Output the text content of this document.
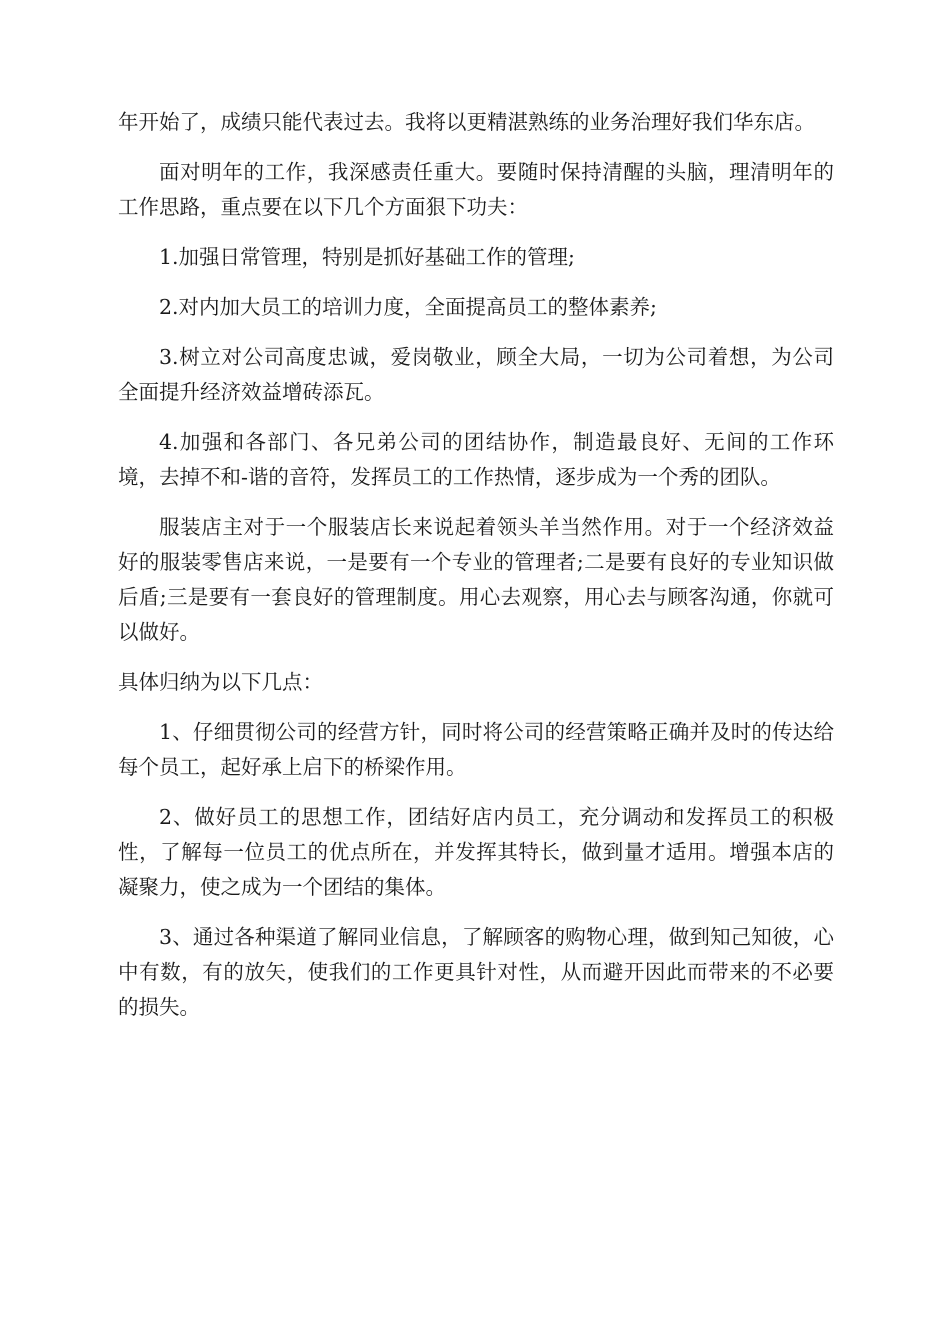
年开始了，成绩只能代表过去。我将以更精湛熟练的业务治理好我们华东店。

面对明年的工作，我深感责任重大。要随时保持清醒的头脑，理清明年的工作思路，重点要在以下几个方面狠下功夫：

1.加强日常管理，特别是抓好基础工作的管理;

2.对内加大员工的培训力度，全面提高员工的整体素养;

3.树立对公司高度忠诚，爱岗敬业，顾全大局，一切为公司着想，为公司全面提升经济效益增砖添瓦。

4.加强和各部门、各兄弟公司的团结协作，制造最良好、无间的工作环境，去掉不和-谐的音符，发挥员工的工作热情，逐步成为一个秀的团队。

服装店主对于一个服装店长来说起着领头羊当然作用。对于一个经济效益好的服装零售店来说，一是要有一个专业的管理者;二是要有良好的专业知识做后盾;三是要有一套良好的管理制度。用心去观察，用心去与顾客沟通，你就可以做好。

具体归纳为以下几点：

1、仔细贯彻公司的经营方针，同时将公司的经营策略正确并及时的传达给每个员工，起好承上启下的桥梁作用。

2、做好员工的思想工作，团结好店内员工，充分调动和发挥员工的积极性，了解每一位员工的优点所在，并发挥其特长，做到量才适用。增强本店的凝聚力，使之成为一个团结的集体。

3、通过各种渠道了解同业信息，了解顾客的购物心理，做到知己知彼，心中有数，有的放矢，使我们的工作更具针对性，从而避开因此而带来的不必要的损失。
